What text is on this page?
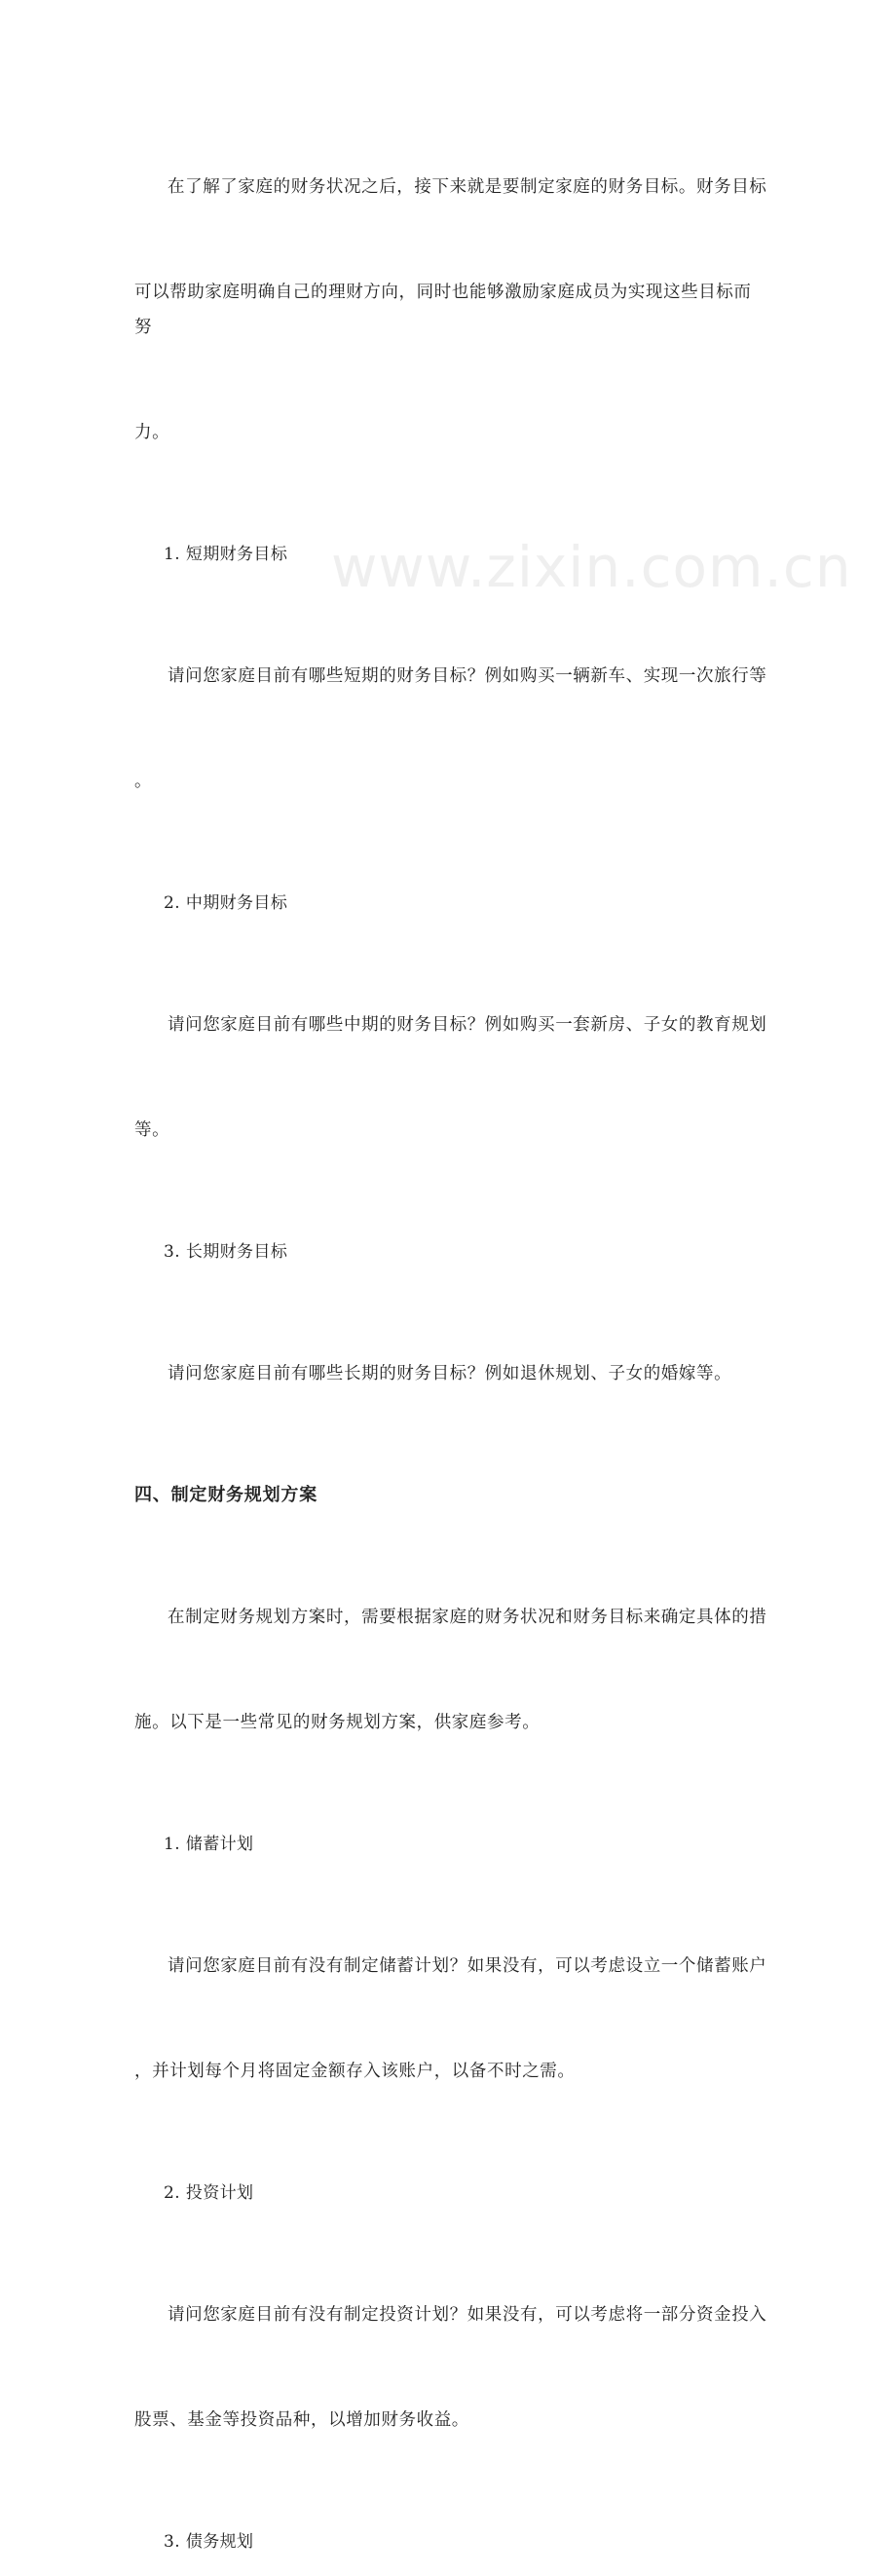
www.zixin.com.cn

在了解了家庭的财务状况之后，接下来就是要制定家庭的财务目标。财务目标

可以帮助家庭明确自己的理财方向，同时也能够激励家庭成员为实现这些目标而努

力。

1. 短期财务目标

请问您家庭目前有哪些短期的财务目标？例如购买一辆新车、实现一次旅行等

。

2. 中期财务目标

请问您家庭目前有哪些中期的财务目标？例如购买一套新房、子女的教育规划

等。

3. 长期财务目标

请问您家庭目前有哪些长期的财务目标？例如退休规划、子女的婚嫁等。

四、制定财务规划方案

在制定财务规划方案时，需要根据家庭的财务状况和财务目标来确定具体的措

施。以下是一些常见的财务规划方案，供家庭参考。

1. 储蓄计划

请问您家庭目前有没有制定储蓄计划？如果没有，可以考虑设立一个储蓄账户

，并计划每个月将固定金额存入该账户，以备不时之需。

2. 投资计划

请问您家庭目前有没有制定投资计划？如果没有，可以考虑将一部分资金投入

股票、基金等投资品种，以增加财务收益。

3. 债务规划
